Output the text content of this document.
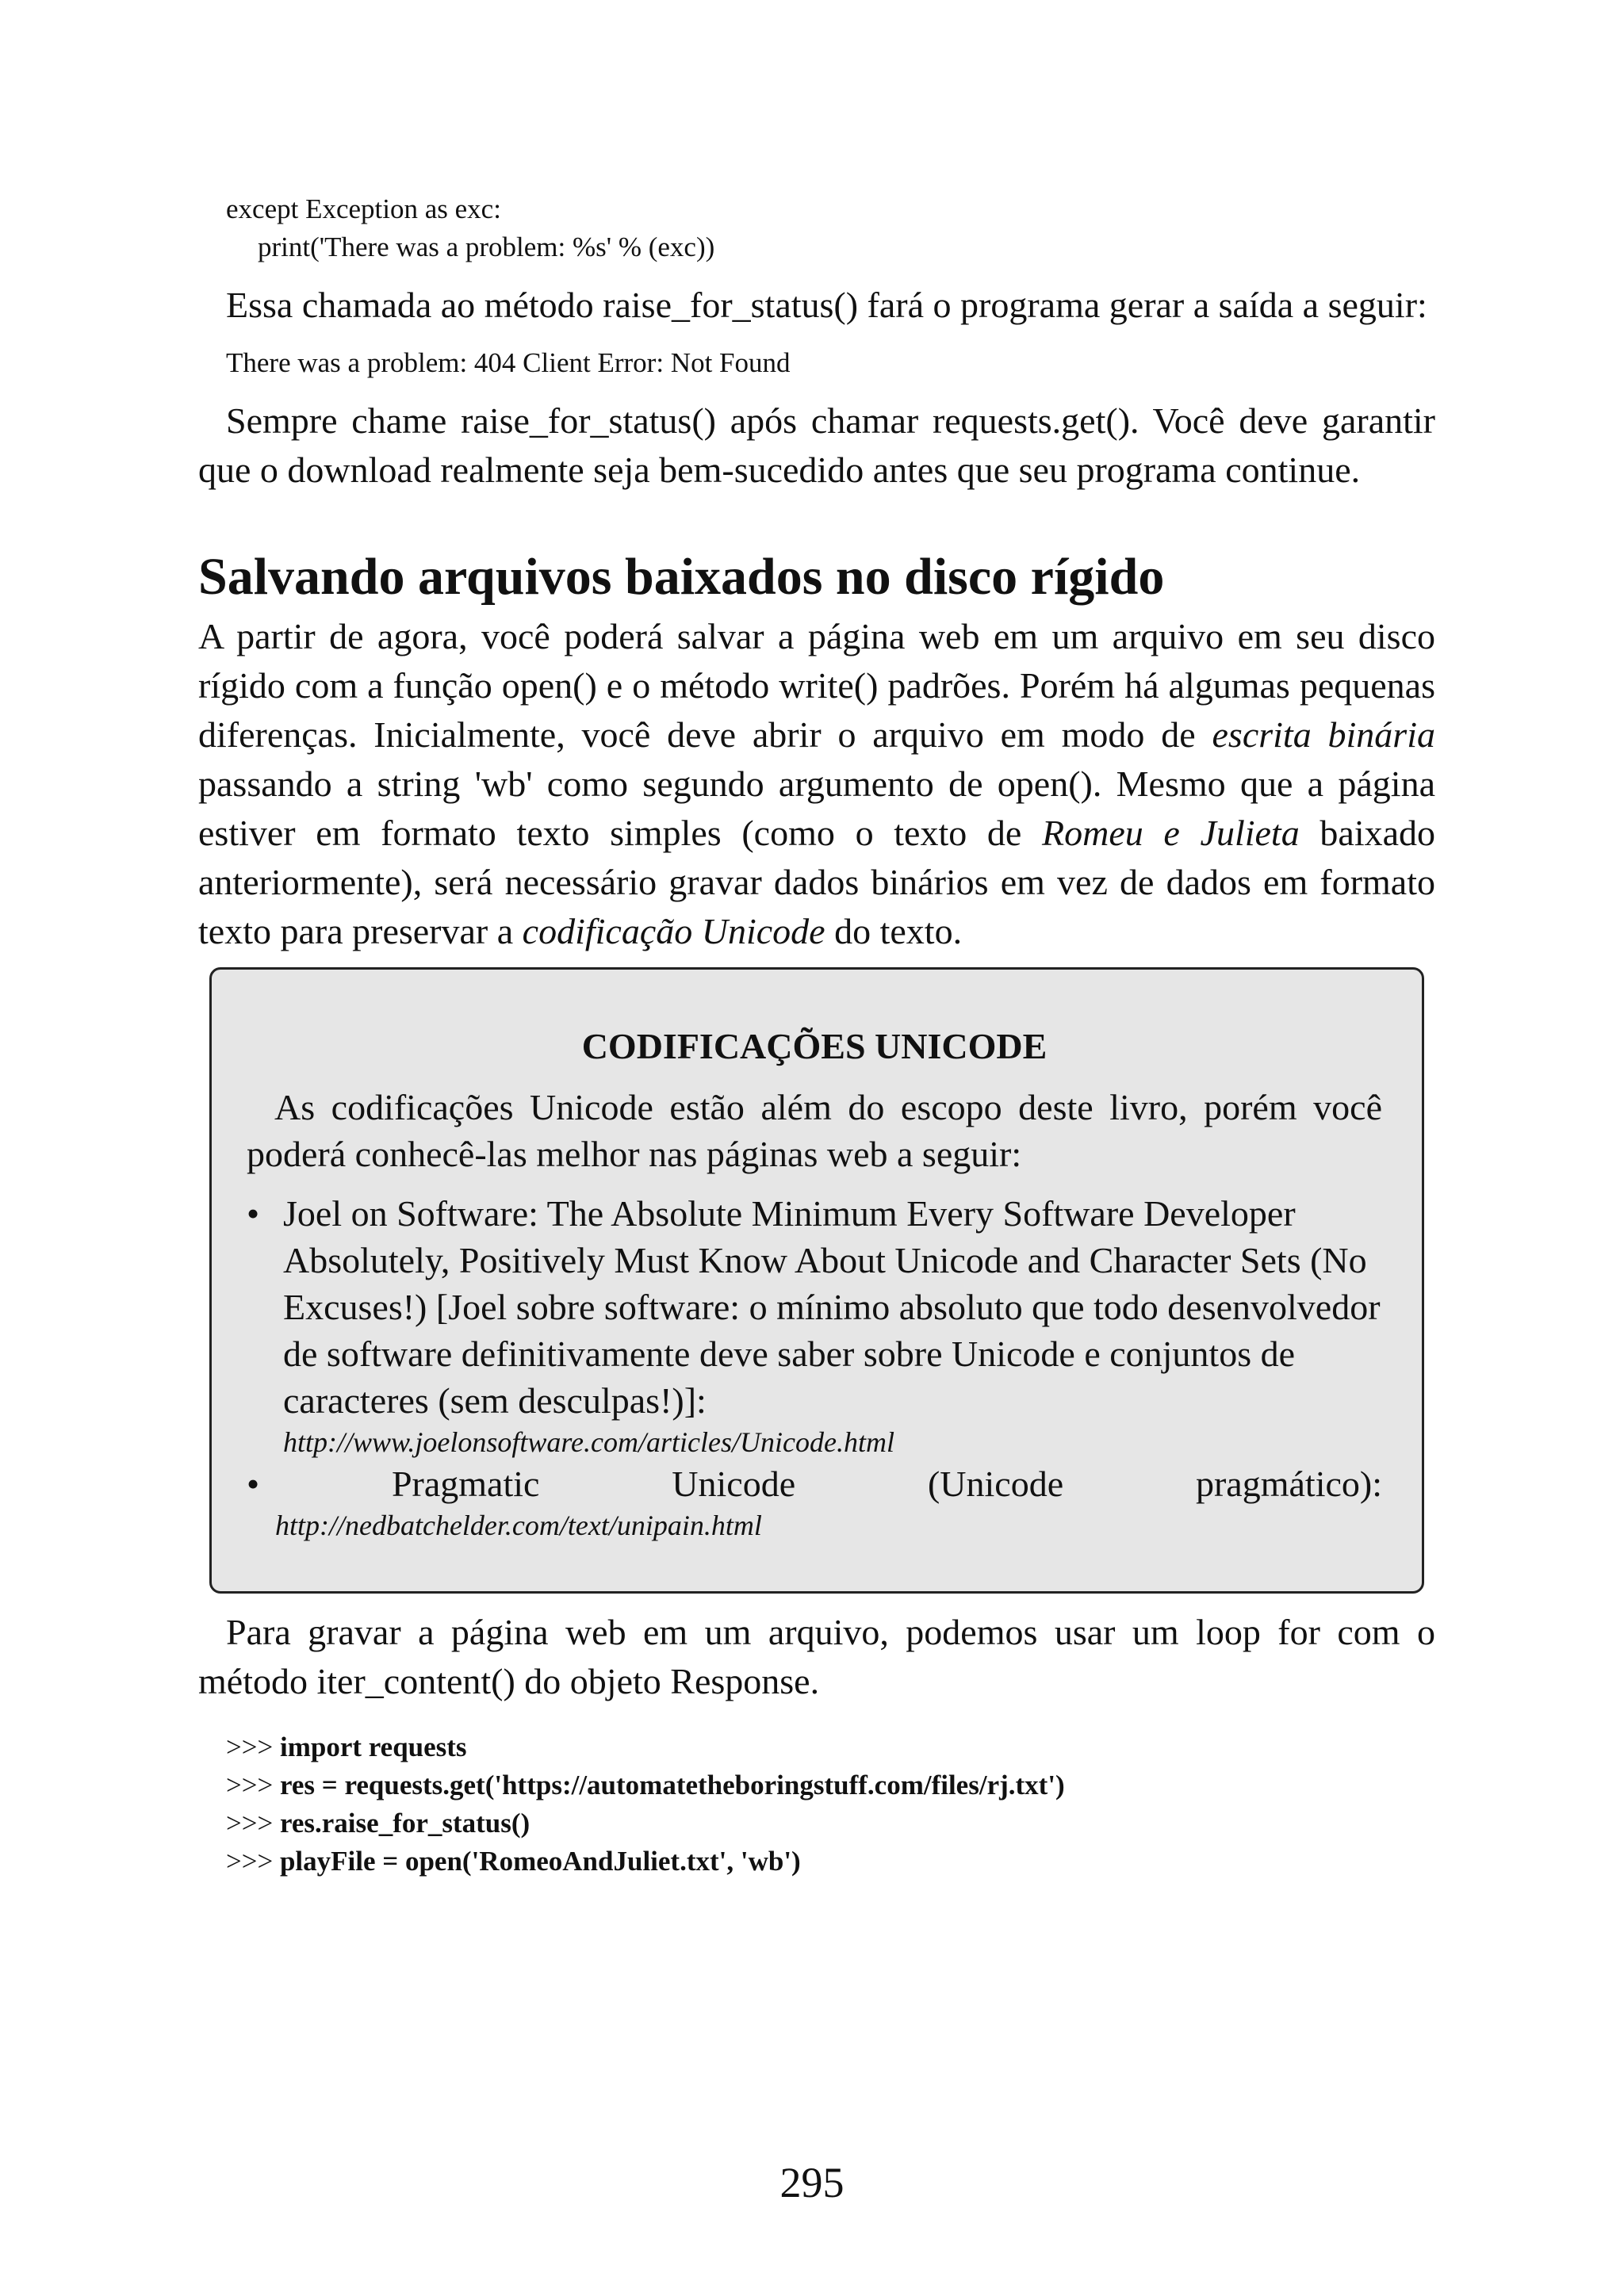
except Exception as exc:
print('There was a problem: %s' % (exc))

Essa chamada ao método raise_for_status() fará o programa gerar a saída a seguir:

There was a problem: 404 Client Error: Not Found

Sempre chame raise_for_status() após chamar requests.get(). Você deve garantir que o download realmente seja bem-sucedido antes que seu programa continue.

Salvando arquivos baixados no disco rígido

A partir de agora, você poderá salvar a página web em um arquivo em seu disco rígido com a função open() e o método write() padrões. Porém há algumas pequenas diferenças. Inicialmente, você deve abrir o arquivo em modo de escrita binária passando a string 'wb' como segundo argumento de open(). Mesmo que a página estiver em formato texto simples (como o texto de Romeu e Julieta baixado anteriormente), será necessário gravar dados binários em vez de dados em formato texto para preservar a codificação Unicode do texto.

CODIFICAÇÕES UNICODE

As codificações Unicode estão além do escopo deste livro, porém você poderá conhecê-las melhor nas páginas web a seguir:

• Joel on Software: The Absolute Minimum Every Software Developer Absolutely, Positively Must Know About Unicode and Character Sets (No Excuses!) [Joel sobre software: o mínimo absoluto que todo desenvolvedor de software definitivamente deve saber sobre Unicode e conjuntos de caracteres (sem desculpas!)]:
http://www.joelonsoftware.com/articles/Unicode.html
•	Pragmatic	Unicode	(Unicode	pragmático):
http://nedbatchelder.com/text/unipain.html

Para gravar a página web em um arquivo, podemos usar um loop for com o método iter_content() do objeto Response.

>>> import requests
>>> res = requests.get('https://automatetheboringstuff.com/files/rj.txt')
>>> res.raise_for_status()
>>> playFile = open('RomeoAndJuliet.txt', 'wb')
295
